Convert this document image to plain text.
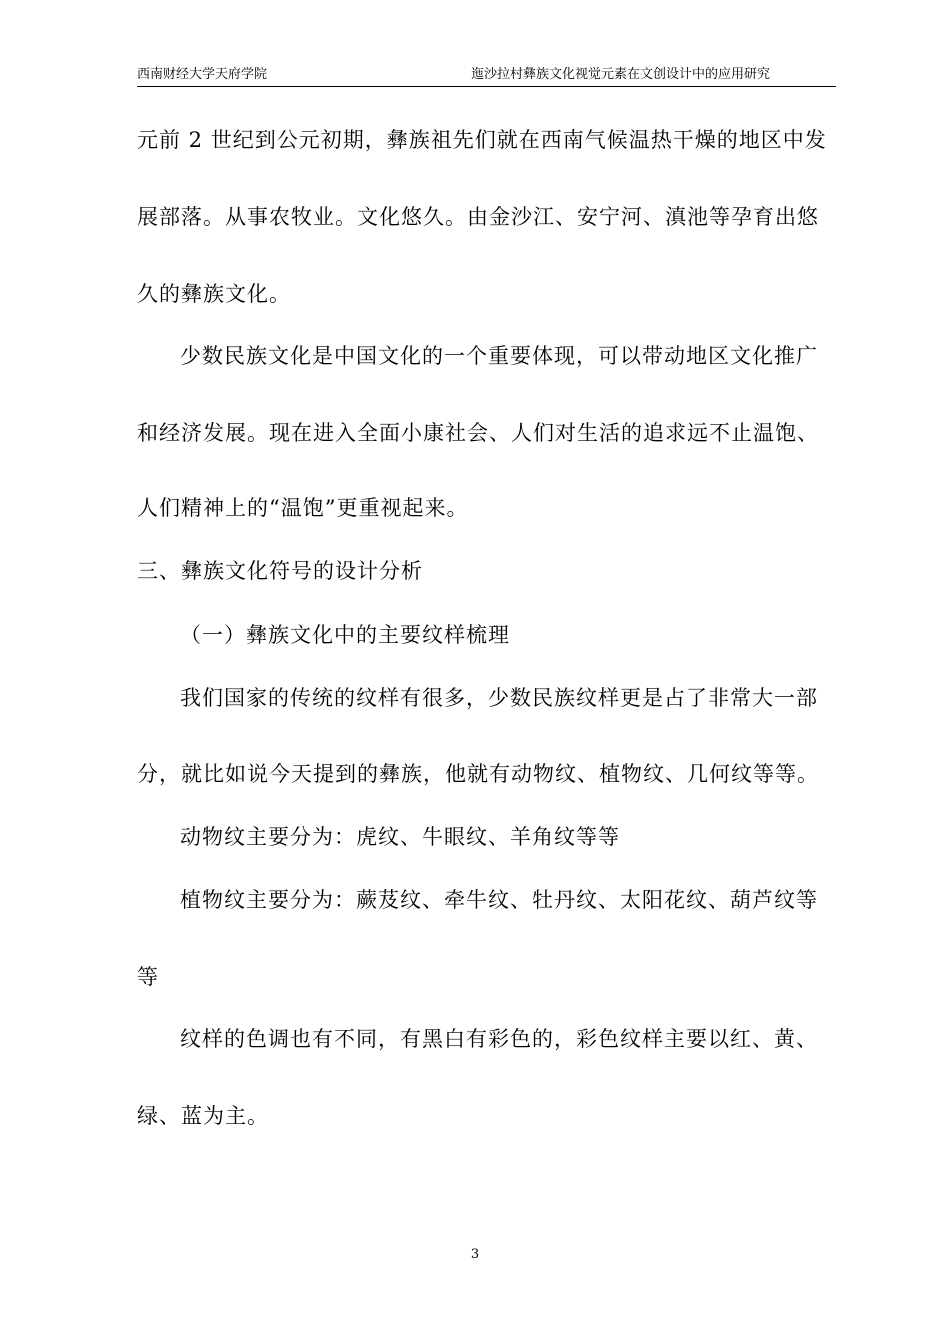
西南财经大学天府学院	迤沙拉村彝族文化视觉元素在文创设计中的应用研究
元前 2 世纪到公元初期，彝族祖先们就在西南气候温热干燥的地区中发
展部落。从事农牧业。文化悠久。由金沙江、安宁河、滇池等孕育出悠
久的彝族文化。
少数民族文化是中国文化的一个重要体现，可以带动地区文化推广
和经济发展。现在进入全面小康社会、人们对生活的追求远不止温饱、
人们精神上的“温饱”更重视起来。
三、彝族文化符号的设计分析
（一）彝族文化中的主要纹样梳理
我们国家的传统的纹样有很多，少数民族纹样更是占了非常大一部
分，就比如说今天提到的彝族，他就有动物纹、植物纹、几何纹等等。
动物纹主要分为：虎纹、牛眼纹、羊角纹等等
植物纹主要分为：蕨芨纹、牵牛纹、牡丹纹、太阳花纹、葫芦纹等
等
纹样的色调也有不同，有黑白有彩色的，彩色纹样主要以红、黄、
绿、蓝为主。
3
